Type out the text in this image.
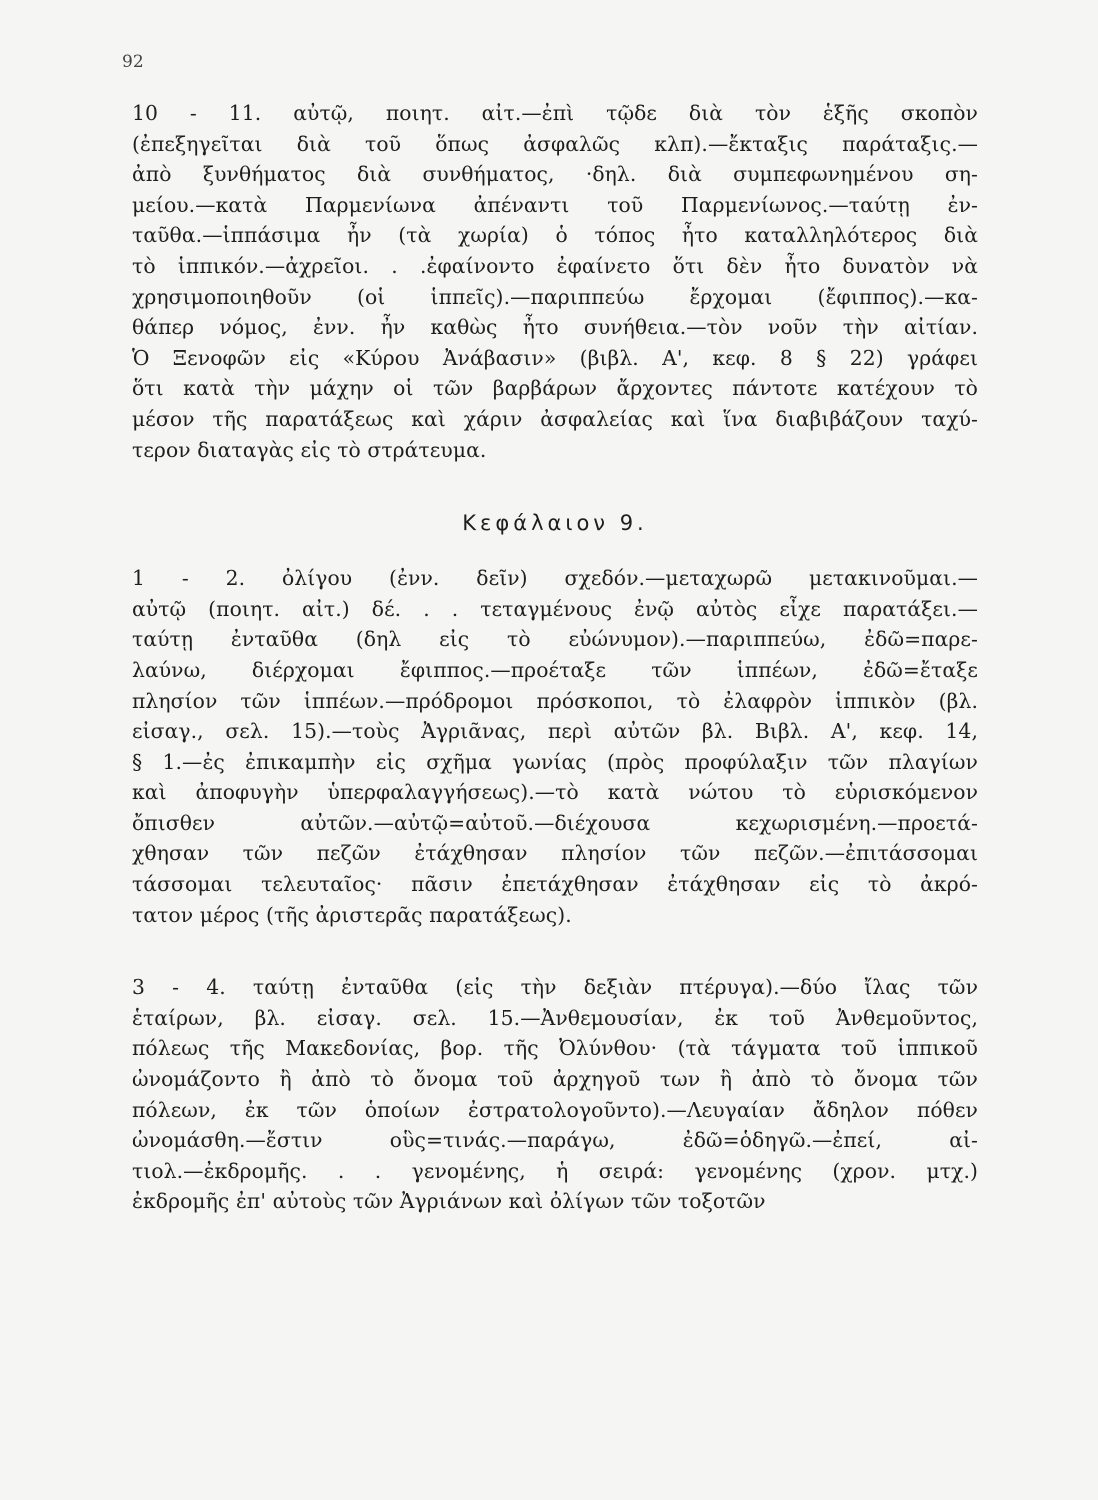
92
10 - 11. αὐτῷ, ποιητ. αἰτ.—ἐπὶ τῷδε διὰ τὸν ἑξῆς σκοπὸν
(ἐπεξηγεῖται διὰ τοῦ ὅπως ἀσφαλῶς κλπ).—ἔκταξις παράταξις.—
ἀπὸ ξυνθήματος διὰ συνθήματος, ·δηλ. διὰ συμπεφωνημένου ση-
μείου.—κατὰ Παρμενίωνα ἀπέναντι τοῦ Παρμενίωνος.—ταύτῃ ἐν-
ταῦθα.—ἱππάσιμα ἦν (τὰ χωρία) ὁ τόπος ἦτο καταλληλότερος διὰ
τὸ ἱππικόν.—ἀχρεῖοι. . .ἐφαίνοντο ἐφαίνετο ὅτι δὲν ἦτο δυνατὸν νὰ
χρησιμοποιηθοῦν (οἱ ἱππεῖς).—παριππεύω ἔρχομαι (ἔφιππος).—κα-
θάπερ νόμος, ἐνν. ἦν καθὼς ἦτο συνήθεια.—τὸν νοῦν τὴν αἰτίαν.
Ὁ Ξενοφῶν εἰς «Κύρου Ἀνάβασιν» (βιβλ. Α', κεφ. 8 § 22) γράφει
ὅτι κατὰ τὴν μάχην οἱ τῶν βαρβάρων ἄρχοντες πάντοτε κατέχουν τὸ
μέσον τῆς παρατάξεως καὶ χάριν ἀσφαλείας καὶ ἵνα διαβιβάζουν ταχύ-
τερον διαταγὰς εἰς τὸ στράτευμα.
Κεφάλαιον 9.
1 - 2. ὀλίγου (ἐνν. δεῖν) σχεδόν.—μεταχωρῶ μετακινοῦμαι.—
αὐτῷ (ποιητ. αἰτ.) δέ. . . τεταγμένους ἐνῷ αὐτὸς εἶχε παρατάξει.—
ταύτῃ ἐνταῦθα (δηλ εἰς τὸ εὐώνυμον).—παριππεύω, ἐδῶ=παρε-
λαύνω, διέρχομαι ἔφιππος.—προέταξε τῶν ἱππέων, ἐδῶ=ἔταξε
πλησίον τῶν ἱππέων.—πρόδρομοι πρόσκοποι, τὸ ἐλαφρὸν ἱππικὸν (βλ.
εἰσαγ., σελ. 15).—τοὺς Ἀγριᾶνας, περὶ αὐτῶν βλ. Βιβλ. Α', κεφ. 14,
§ 1.—ἐς ἐπικαμπὴν εἰς σχῆμα γωνίας (πρὸς προφύλαξιν τῶν πλαγίων
καὶ ἀποφυγὴν ὑπερφαλαγγήσεως).—τὸ κατὰ νώτου τὸ εὑρισκόμενον
ὄπισθεν αὐτῶν.—αὐτῷ=αὐτοῦ.—διέχουσα κεχωρισμένη.—προετά-
χθησαν τῶν πεζῶν ἐτάχθησαν πλησίον τῶν πεζῶν.—ἐπιτάσσομαι
τάσσομαι τελευταῖος· πᾶσιν ἐπετάχθησαν ἐτάχθησαν εἰς τὸ ἀκρό-
τατον μέρος (τῆς ἀριστερᾶς παρατάξεως).
3 - 4. ταύτῃ ἐνταῦθα (εἰς τὴν δεξιὰν πτέρυγα).—δύο ἴλας τῶν
ἑταίρων, βλ. εἰσαγ. σελ. 15.—Ἀνθεμουσίαν, ἐκ τοῦ Ἀνθεμοῦντος,
πόλεως τῆς Μακεδονίας, βορ. τῆς Ὀλύνθου· (τὰ τάγματα τοῦ ἱππικοῦ
ὠνομάζοντο ἢ ἀπὸ τὸ ὄνομα τοῦ ἀρχηγοῦ των ἢ ἀπὸ τὸ ὄνομα τῶν
πόλεων, ἐκ τῶν ὁποίων ἐστρατολογοῦντο).—Λευγαίαν ἄδηλον πόθεν
ὠνομάσθη.—ἔστιν οὓς=τινάς.—παράγω, ἐδῶ=ὁδηγῶ.—ἐπεί, αἰ-
τιολ.—ἐκδρομῆς. . . γενομένης, ἡ σειρά: γενομένης (χρον. μτχ.)
ἐκδρομῆς ἐπ' αὐτοὺς τῶν Ἀγριάνων καὶ ὀλίγων τῶν τοξοτῶν
